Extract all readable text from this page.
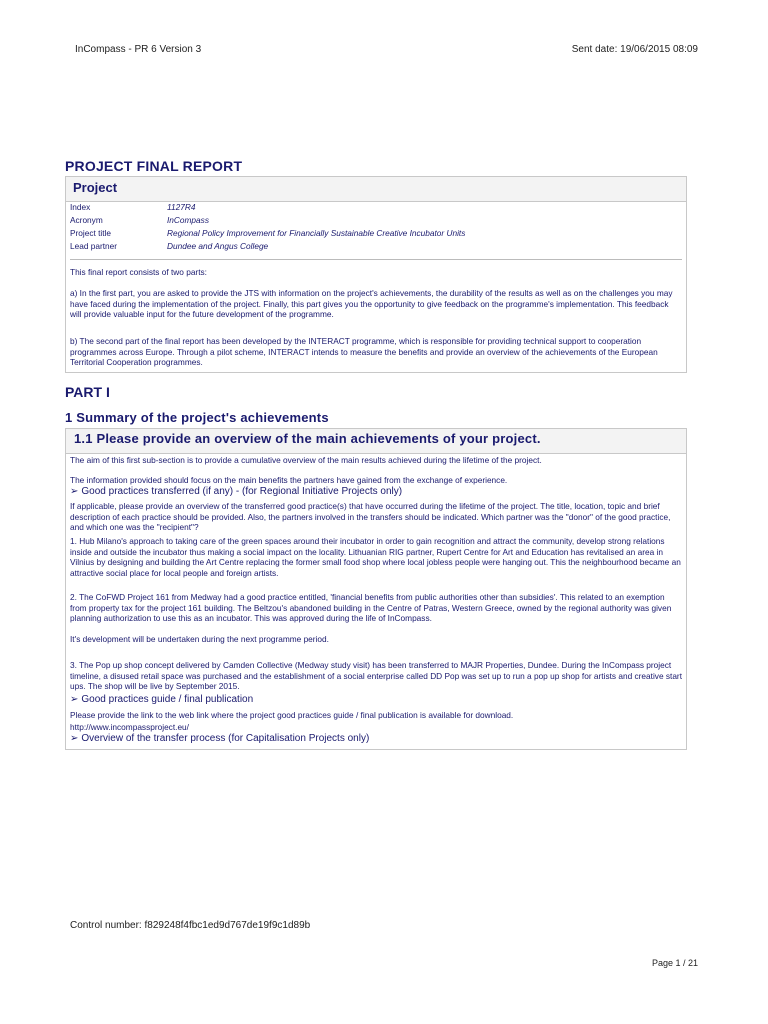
InCompass - PR 6 Version 3	Sent date: 19/06/2015 08:09
PROJECT FINAL REPORT
Project
Index	1127R4
Acronym	InCompass
Project title	Regional Policy Improvement for Financially Sustainable Creative Incubator Units
Lead partner	Dundee and Angus College
This final report consists of two parts:
a) In the first part, you are asked to provide the JTS with information on the project's achievements, the durability of the results as well as on the challenges you may have faced during the implementation of the project. Finally, this part gives you the opportunity to give feedback on the programme's implementation. This feedback will provide valuable input for the future development of the programme.
b) The second part of the final report has been developed by the INTERACT programme, which is responsible for providing technical support to cooperation programmes across Europe. Through a pilot scheme, INTERACT intends to measure the benefits and provide an overview of the achievements of the European Territorial Cooperation programmes.
PART I
1 Summary of the project's achievements
1.1 Please provide an overview of the main achievements of your project.
The aim of this first sub-section is to provide a cumulative overview of the main results achieved during the lifetime of the project.
The information provided should focus on the main benefits the partners have gained from the exchange of experience.
➢ Good practices transferred (if any) - (for Regional Initiative Projects only)
If applicable, please provide an overview of the transferred good practice(s) that have occurred during the lifetime of the project. The title, location, topic and brief description of each practice should be provided. Also, the partners involved in the transfers should be indicated. Which partner was the "donor" of the good practice, and which one was the "recipient"?
1. Hub Milano's approach to taking care of the green spaces around their incubator in order to gain recognition and attract the community, develop strong relations inside and outside the incubator thus making a social impact on the locality. Lithuanian RIG partner, Rupert Centre for Art and Education has revitalised an area in Vilnius by designing and building the Art Centre replacing the former small food shop where local jobless people were hanging out. This the neighbourhood became an attractive social place for local people and foreign artists.
2. The CoFWD Project 161 from Medway had a good practice entitled, 'financial benefits from public authorities other than subsidies'. This related to an exemption from property tax for the project 161 building. The Beltzou's abandoned building in the Centre of Patras, Western Greece, owned by the regional authority was given planning authorization to use this as an incubator. This was approved during the life of InCompass.
It's development will be undertaken during the next programme period.
3. The Pop up shop concept delivered by Camden Collective (Medway study visit) has been transferred to MAJR Properties, Dundee. During the InCompass project timeline, a disused retail space was purchased and the establishment of a social enterprise called DD Pop was set up to run a pop up shop for artists and creative start ups. The shop will be live by September 2015.
➢ Good practices guide / final publication
Please provide the link to the web link where the project good practices guide / final publication is available for download.
http://www.incompassproject.eu/
➢ Overview of the transfer process (for Capitalisation Projects only)
Control number: f829248f4fbc1ed9d767de19f9c1d89b
Page 1 / 21
